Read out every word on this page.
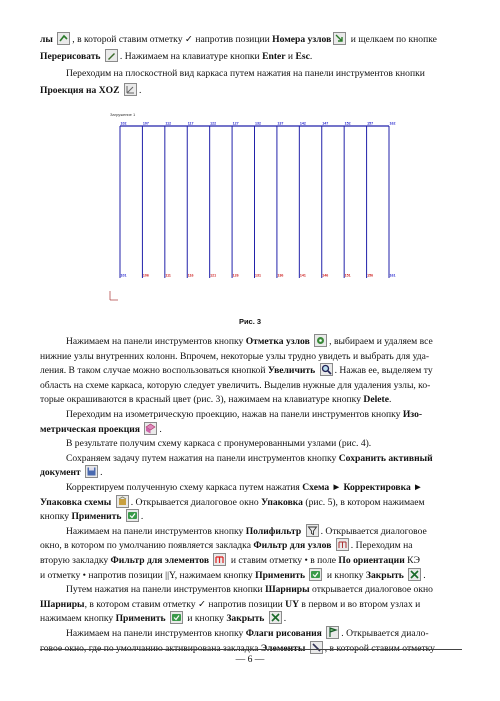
лы
, в которой ставим отметку ✓ напротив позиции Номера узлов
и щелкаем по кнопке
Перерисовать
. Нажимаем на клавиатуре кнопки Enter и Esc.
Переходим на плоскостной вид каркаса путем нажатия на панели инструментов кнопки
Проекция на XOZ .
Нажимаем на панели инструментов кнопку Отметка узлов , выбираем и удаляем все
нижние узлы внутренних колонн. Впрочем, некоторые узлы трудно увидеть и выбрать для уда-
ления. В таком случае можно воспользоваться кнопкой Увеличить . Нажав ее, выделяем ту
область на схеме каркаса, которую следует увеличить. Выделив нужные для удаления узлы, ко-
торые окрашиваются в красный цвет (рис. 3), нажимаем на клавиатуре кнопку Delete.
Переходим на изометрическую проекцию, нажав на панели инструментов кнопку Изо-
метрическая проекция .
В результате получим схему каркаса с пронумерованными узлами (рис. 4).
Сохраняем задачу путем нажатия на панели инструментов кнопку Сохранить активный
документ .
Корректируем полученную схему каркаса путем нажатия Схема ► Корректировка ►
Упаковка схемы . Открывается диалоговое окно Упаковка (рис. 5), в котором нажимаем
кнопку Применить .
Нажимаем на панели инструментов кнопку Полифильтр . Открывается диалоговое
окно, в котором по умолчанию появляется закладка Фильтр для узлов . Переходим на
вторую закладку Фильтр для элементов
и ставим отметку • в поле По ориентации КЭ
и отметку • напротив позиции ||Y, нажимаем кнопку Применить
и кнопку Закрыть .
Путем нажатия на панели инструментов кнопки Шарниры открывается диалоговое окно
Шарниры, в котором ставим отметку ✓ напротив позиции UY в первом и во втором узлах и
нажимаем кнопку Применить
и кнопку Закрыть .
Нажимаем на панели инструментов кнопку Флаги рисования . Открывается диало-
говое окно, где по умолчанию активирована закладка Элементы , в которой ставим отметку
Загружение 1
102
101
107
106
112
111
117
116
122
121
127
126
132
131
137
136
142
141
147
146
152
151
157
156
162
161
Рис. 3
— 6 —
